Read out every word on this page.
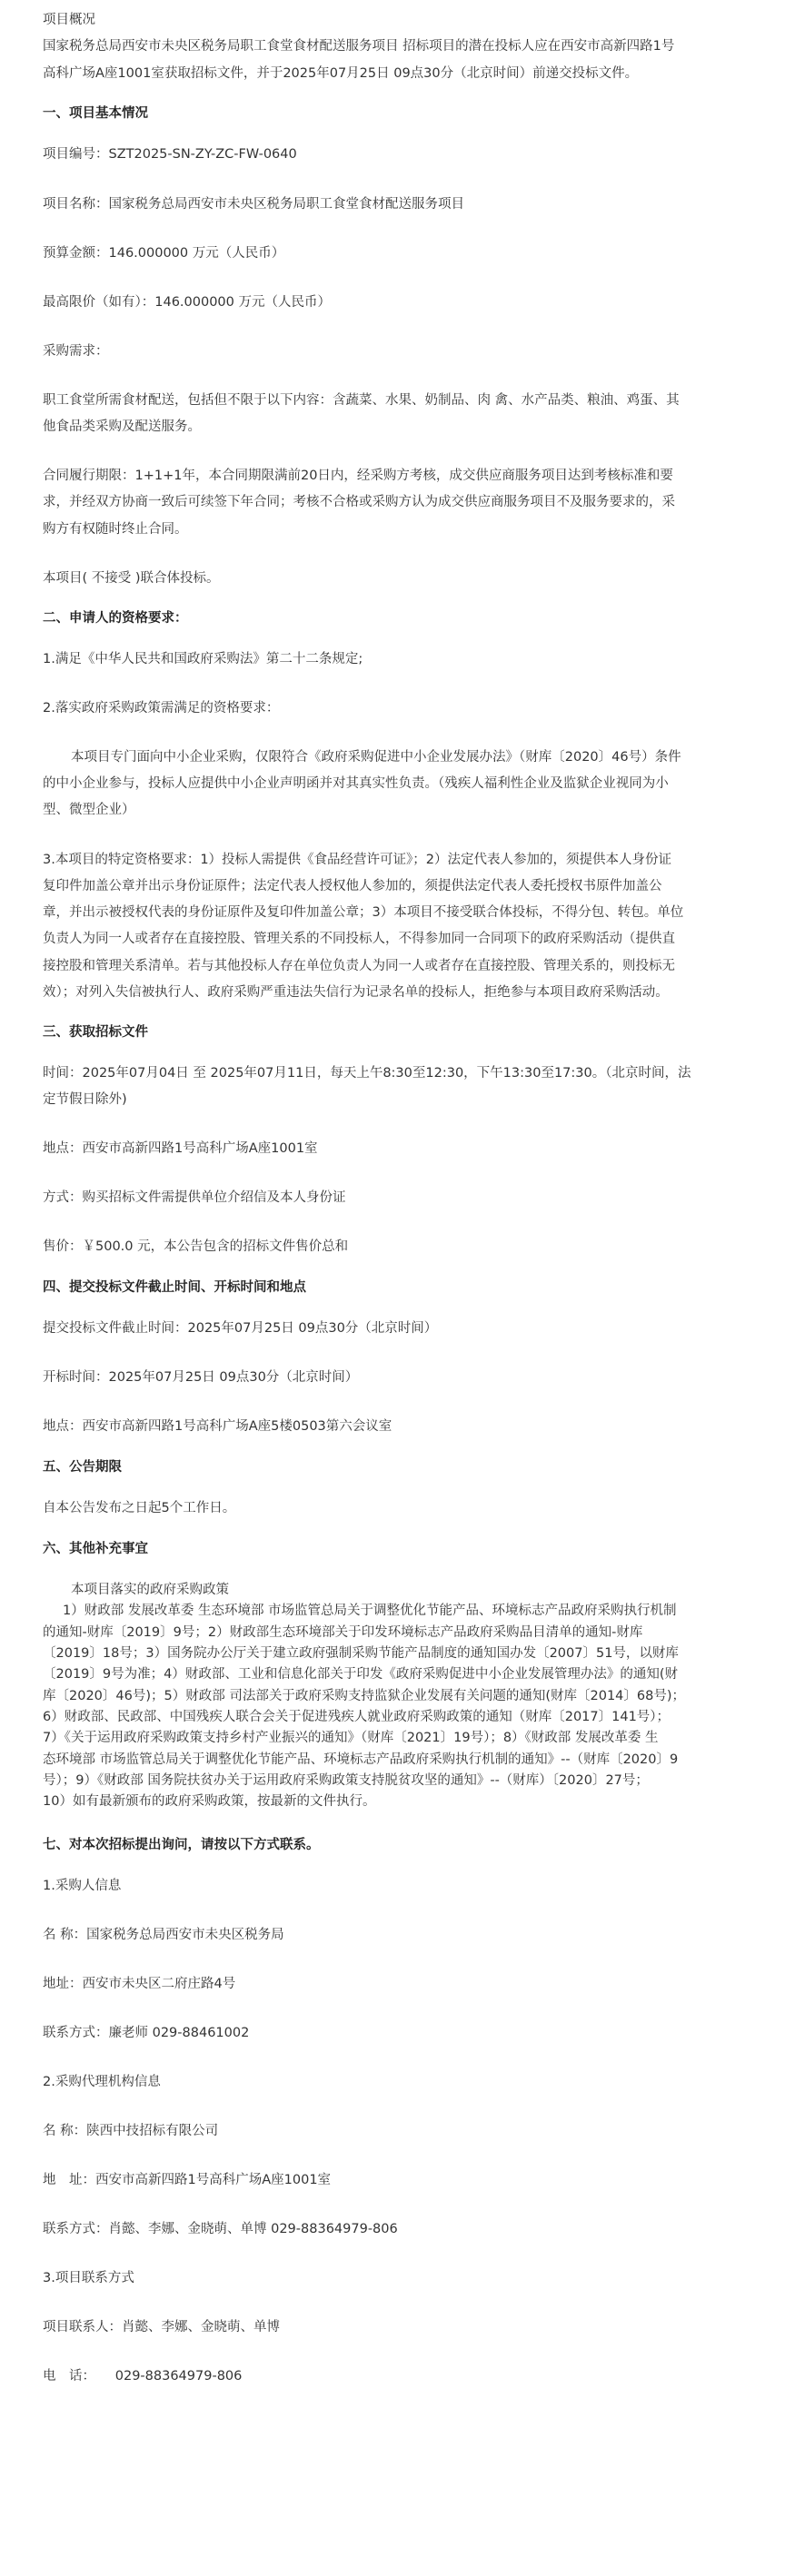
项目概况
国家税务总局西安市未央区税务局职工食堂食材配送服务项目 招标项目的潜在投标人应在西安市高新四路1号
高科广场A座1001室获取招标文件，并于2025年07月25日 09点30分（北京时间）前递交投标文件。
一、项目基本情况
项目编号：SZT2025-SN-ZY-ZC-FW-0640
项目名称：国家税务总局西安市未央区税务局职工食堂食材配送服务项目
预算金额：146.000000 万元（人民币）
最高限价（如有）：146.000000 万元（人民币）
采购需求：
职工食堂所需食材配送，包括但不限于以下内容：含蔬菜、水果、奶制品、肉 禽、水产品类、粮油、鸡蛋、其
他食品类采购及配送服务。
合同履行期限：1+1+1年，本合同期限满前20日内，经采购方考核，成交供应商服务项目达到考核标准和要
求，并经双方协商一致后可续签下年合同；考核不合格或采购方认为成交供应商服务项目不及服务要求的，采
购方有权随时终止合同。
本项目( 不接受 )联合体投标。
二、申请人的资格要求：
1.满足《中华人民共和国政府采购法》第二十二条规定;
2.落实政府采购政策需满足的资格要求：
本项目专门面向中小企业采购，仅限符合《政府采购促进中小企业发展办法》（财库〔2020〕46号）条件
的中小企业参与，投标人应提供中小企业声明函并对其真实性负责。（残疾人福利性企业及监狱企业视同为小
型、微型企业）
3.本项目的特定资格要求：1）投标人需提供《食品经营许可证》；2）法定代表人参加的，须提供本人身份证
复印件加盖公章并出示身份证原件；法定代表人授权他人参加的，须提供法定代表人委托授权书原件加盖公
章，并出示被授权代表的身份证原件及复印件加盖公章；3）本项目不接受联合体投标，不得分包、转包。单位
负责人为同一人或者存在直接控股、管理关系的不同投标人，不得参加同一合同项下的政府采购活动（提供直
接控股和管理关系清单。若与其他投标人存在单位负责人为同一人或者存在直接控股、管理关系的，则投标无
效）；对列入失信被执行人、政府采购严重违法失信行为记录名单的投标人，拒绝参与本项目政府采购活动。
三、获取招标文件
时间：2025年07月04日 至 2025年07月11日，每天上午8:30至12:30，下午13:30至17:30。（北京时间，法
定节假日除外)
地点：西安市高新四路1号高科广场A座1001室
方式：购买招标文件需提供单位介绍信及本人身份证
售价：￥500.0 元，本公告包含的招标文件售价总和
四、提交投标文件截止时间、开标时间和地点
提交投标文件截止时间：2025年07月25日 09点30分（北京时间）
开标时间：2025年07月25日 09点30分（北京时间）
地点：西安市高新四路1号高科广场A座5楼0503第六会议室
五、公告期限
自本公告发布之日起5个工作日。
六、其他补充事宜
本项目落实的政府采购政策
1）财政部 发展改革委 生态环境部 市场监管总局关于调整优化节能产品、环境标志产品政府采购执行机制
的通知-财库〔2019〕9号；2）财政部生态环境部关于印发环境标志产品政府采购品目清单的通知-财库
〔2019〕18号；3）国务院办公厅关于建立政府强制采购节能产品制度的通知国办发〔2007〕51号，以财库
〔2019〕9号为准；4）财政部、工业和信息化部关于印发《政府采购促进中小企业发展管理办法》的通知(财
库〔2020〕46号)；5）财政部 司法部关于政府采购支持监狱企业发展有关问题的通知(财库〔2014〕68号)；
6）财政部、民政部、中国残疾人联合会关于促进残疾人就业政府采购政策的通知（财库〔2017〕141号）；
7）《关于运用政府采购政策支持乡村产业振兴的通知》（财库〔2021〕19号）；8）《财政部 发展改革委 生
态环境部 市场监管总局关于调整优化节能产品、环境标志产品政府采购执行机制的通知》--（财库〔2020〕9
号）；9）《财政部 国务院扶贫办关于运用政府采购政策支持脱贫攻坚的通知》--（财库）〔2020〕27号；
10）如有最新颁布的政府采购政策，按最新的文件执行。
七、对本次招标提出询问，请按以下方式联系。
1.采购人信息
名 称：国家税务总局西安市未央区税务局
地址：西安市未央区二府庄路4号
联系方式：廉老师 029-88461002
2.采购代理机构信息
名 称：陕西中技招标有限公司
地　址：西安市高新四路1号高科广场A座1001室
联系方式：肖懿、李娜、金晓萌、单博 029-88364979-806
3.项目联系方式
项目联系人：肖懿、李娜、金晓萌、单博
电　话：　　029-88364979-806
